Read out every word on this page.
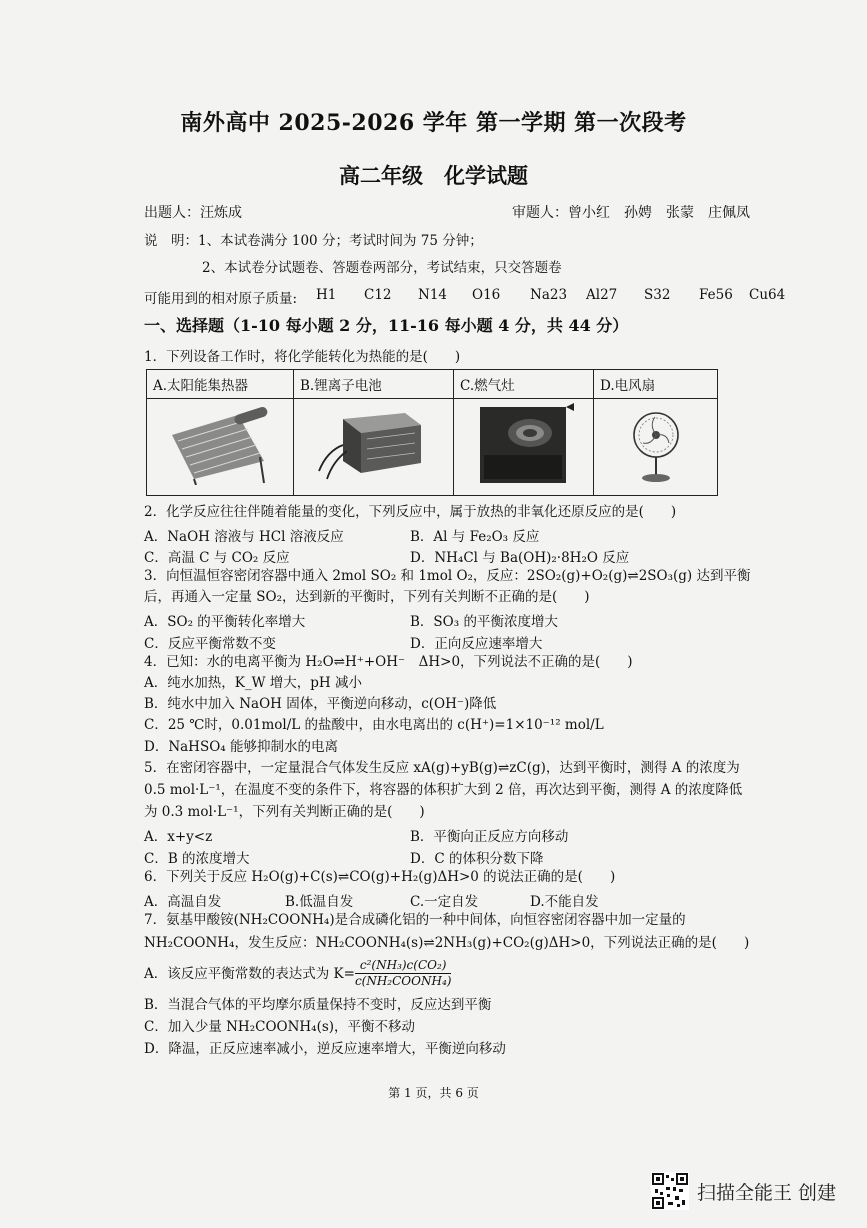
南外高中 2025-2026 学年 第一学期 第一次段考
高二年级　化学试题
出题人：汪炼成	审题人：曾小红　孙娉　张蒙　庄佩凤
说　明：1、本试卷满分 100 分；考试时间为 75 分钟；
2、本试卷分试题卷、答题卷两部分，考试结束，只交答题卷
可能用到的相对原子质量:	H1	C12	N14	O16	Na23	Al27	S32	Fe56	Cu64
一、选择题（1-10 每小题 2 分，11-16 每小题 4 分，共 44 分）
1．下列设备工作时，将化学能转化为热能的是(　　)
A.太阳能集热器	B.锂离子电池	C.燃气灶	D.电风扇

2．化学反应往往伴随着能量的变化，下列反应中，属于放热的非氧化还原反应的是(　　)
A．NaOH 溶液与 HCl 溶液反应	B．Al 与 Fe₂O₃ 反应
C．高温 C 与 CO₂ 反应	D．NH₄Cl 与 Ba(OH)₂·8H₂O 反应
3．向恒温恒容密闭容器中通入 2mol SO₂ 和 1mol O₂，反应：2SO₂(g)+O₂(g)⇌2SO₃(g) 达到平衡
后，再通入一定量 SO₂，达到新的平衡时，下列有关判断不正确的是(　　)
A．SO₂ 的平衡转化率增大	B．SO₃ 的平衡浓度增大
C．反应平衡常数不变	D．正向反应速率增大
4．已知：水的电离平衡为 H₂O⇌H⁺+OH⁻　ΔH>0，下列说法不正确的是(　　)
A．纯水加热，K_W 增大，pH 减小
B．纯水中加入 NaOH 固体，平衡逆向移动，c(OH⁻)降低
C．25 ℃时，0.01mol/L 的盐酸中，由水电离出的 c(H⁺)=1×10⁻¹² mol/L
D．NaHSO₄ 能够抑制水的电离
5．在密闭容器中，一定量混合气体发生反应 xA(g)+yB(g)⇌zC(g)，达到平衡时，测得 A 的浓度为
0.5 mol·L⁻¹，在温度不变的条件下，将容器的体积扩大到 2 倍，再次达到平衡，测得 A 的浓度降低
为 0.3 mol·L⁻¹，下列有关判断正确的是(　　)
A．x+y<z	B．平衡向正反应方向移动
C．B 的浓度增大	D．C 的体积分数下降
6．下列关于反应 H₂O(g)+C(s)⇌CO(g)+H₂(g)ΔH>0 的说法正确的是(　　)
A．高温自发	B.低温自发	C.一定自发	D.不能自发
7．氨基甲酸铵(NH₂COONH₄)是合成磷化铝的一种中间体，向恒容密闭容器中加一定量的
NH₂COONH₄，发生反应：NH₂COONH₄(s)⇌2NH₃(g)+CO₂(g)ΔH>0，下列说法正确的是(　　)
A．该反应平衡常数的表达式为 $K= \frac{\text{c²(NH₃)c(CO₂)}}{\text{c(NH₂COONH₄)}}$
B．当混合气体的平均摩尔质量保持不变时，反应达到平衡
C．加入少量 NH₂COONH₄(s)，平衡不移动
D．降温，正反应速率减小，逆反应速率增大，平衡逆向移动
第 1 页，共 6 页
扫描全能王 创建
